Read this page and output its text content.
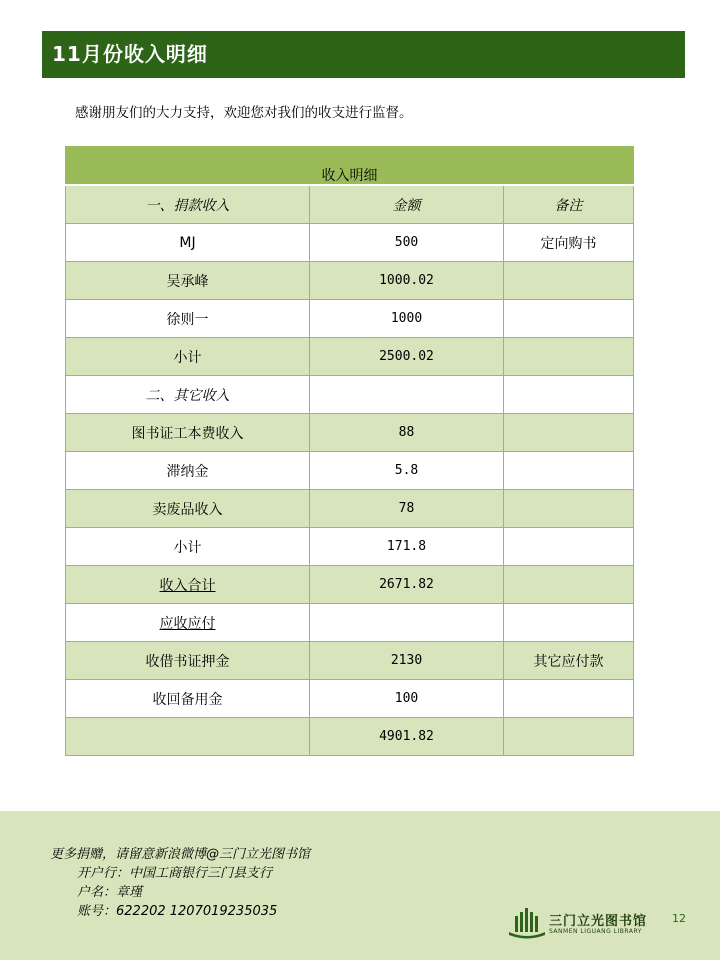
11月份收入明细
感谢朋友们的大力支持，欢迎您对我们的收支进行监督。
收入明细		
一、捐款收入	金额	备注
MJ	500	定向购书
吴承峰	1000.02	
徐则一	1000	
小计	2500.02	
二、其它收入		
图书证工本费收入	88	
滞纳金	5.8	
卖废品收入	78	
小计	171.8	
收入合计	2671.82	
应收应付		
收借书证押金	2130	其它应付款
收回备用金	100	
	4901.82	
更多捐赠，请留意新浪微博@三门立光图书馆
开户行：中国工商银行三门县支行
户名：章瑾
账号：622202 1207019235035
三门立光图书馆
SANMEN LIGUANG LIBRARY
12
